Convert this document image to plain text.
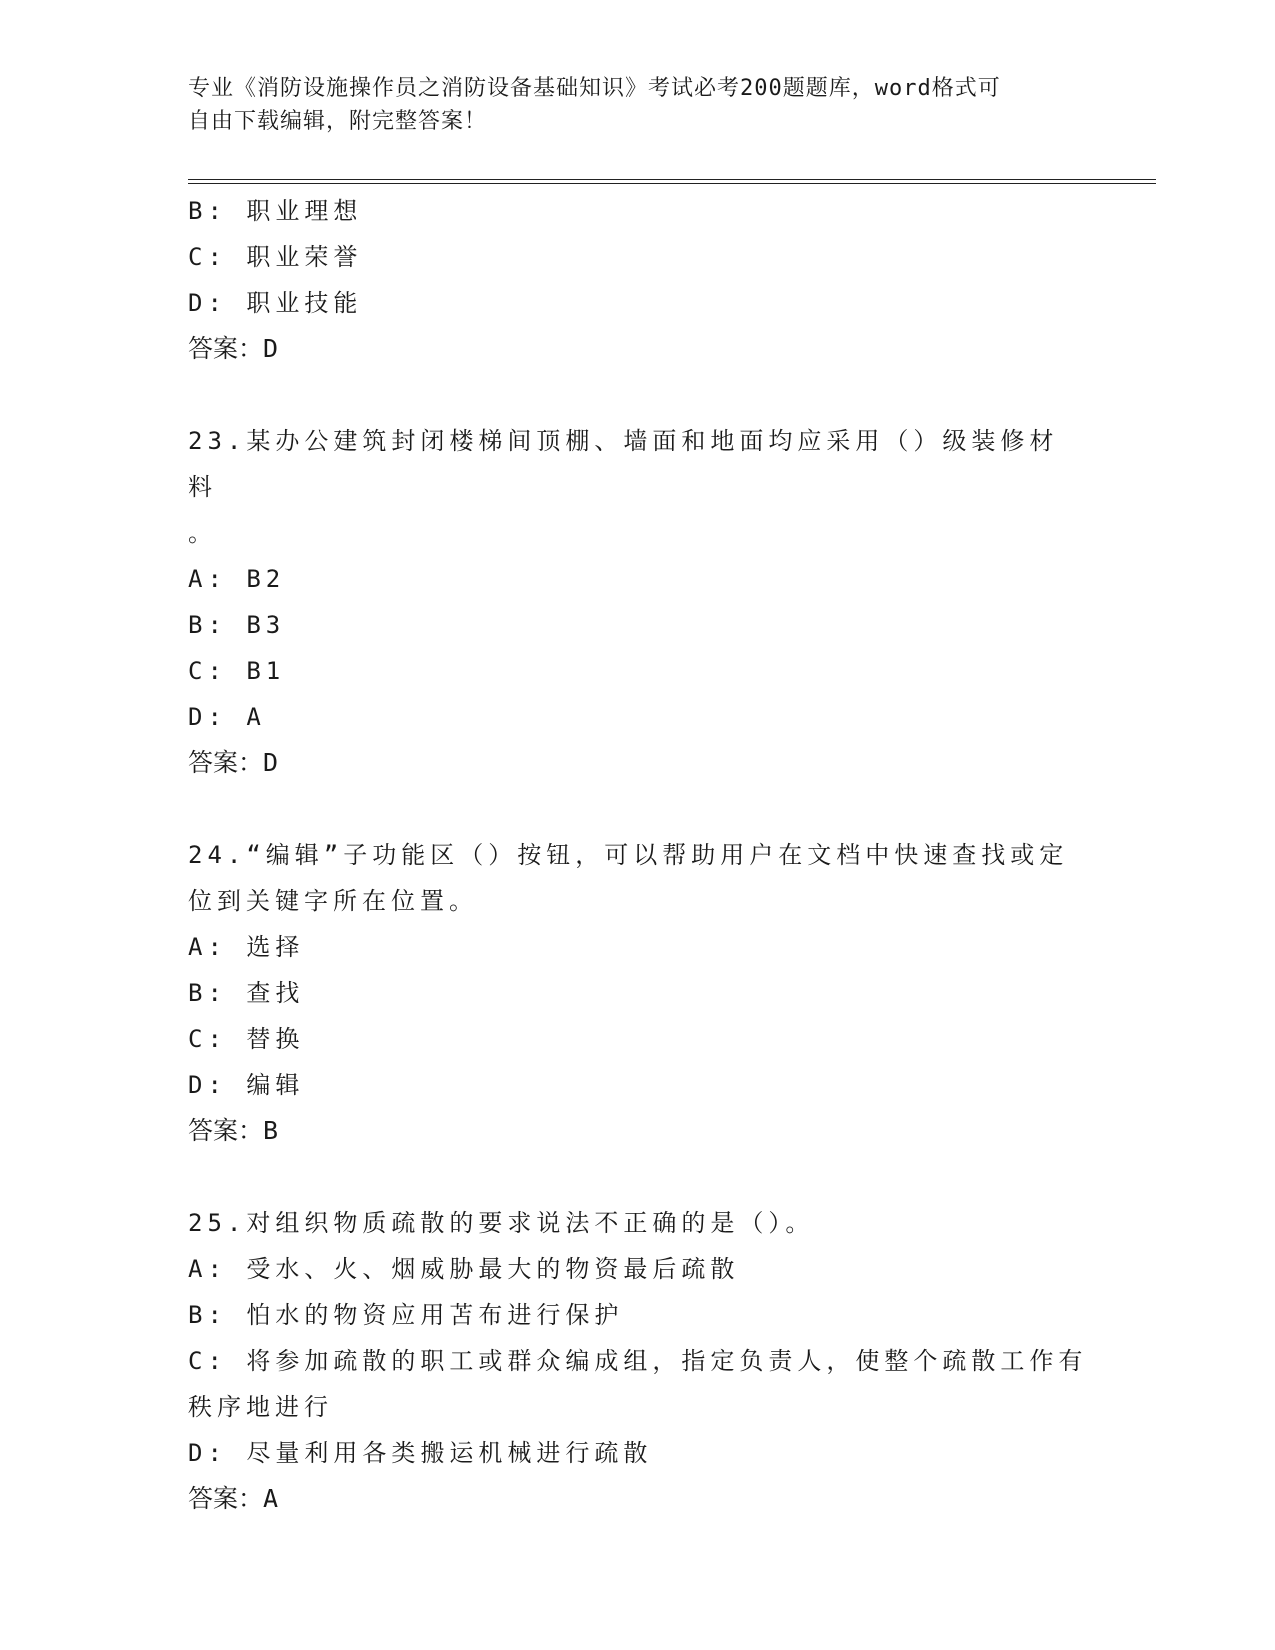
专业《消防设施操作员之消防设备基础知识》考试必考200题题库，word格式可
自由下载编辑，附完整答案！
B: 职业理想
C: 职业荣誉
D: 职业技能
答案：D
23.某办公建筑封闭楼梯间顶棚、墙面和地面均应采用（）级装修材料
。
A: B2
B: B3
C: B1
D: A
答案：D
24.“编辑”子功能区（）按钮，可以帮助用户在文档中快速查找或定
位到关键字所在位置。
A: 选择
B: 查找
C: 替换
D: 编辑
答案：B
25.对组织物质疏散的要求说法不正确的是（）。
A: 受水、火、烟威胁最大的物资最后疏散
B: 怕水的物资应用苫布进行保护
C: 将参加疏散的职工或群众编成组，指定负责人，使整个疏散工作有
秩序地进行
D: 尽量利用各类搬运机械进行疏散
答案：A
